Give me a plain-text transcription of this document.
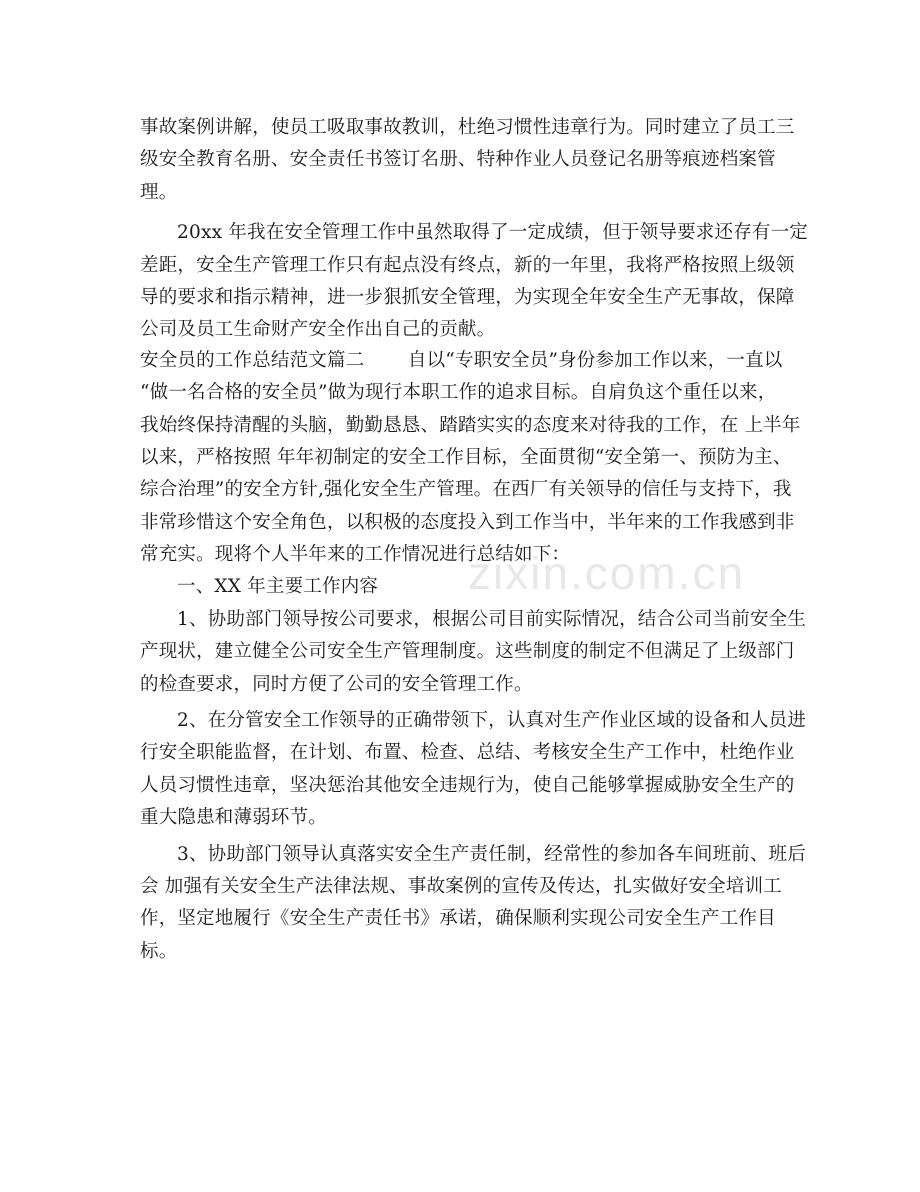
事故案例讲解，使员工吸取事故教训，杜绝习惯性违章行为。同时建立了员工三
级安全教育名册、安全责任书签订名册、特种作业人员登记名册等痕迹档案管
理。
20xx 年我在安全管理工作中虽然取得了一定成绩，但于领导要求还存有一定
差距，安全生产管理工作只有起点没有终点，新的一年里，我将严格按照上级领
导的要求和指示精神，进一步狠抓安全管理，为实现全年安全生产无事故，保障
公司及员工生命财产安全作出自己的贡献。
安全员的工作总结范文篇二　　 自以“专职安全员”身份参加工作以来，一直以
“做一名合格的安全员”做为现行本职工作的追求目标。自肩负这个重任以来，
我始终保持清醒的头脑，勤勤恳恳、踏踏实实的态度来对待我的工作，在 上半年
以来，严格按照 年年初制定的安全工作目标，全面贯彻“安全第一、预防为主、
综合治理”的安全方针,强化安全生产管理。在西厂有关领导的信任与支持下，我
非常珍惜这个安全角色，以积极的态度投入到工作当中，半年来的工作我感到非
常充实。现将个人半年来的工作情况进行总结如下：
一、XX 年主要工作内容
1、协助部门领导按公司要求，根据公司目前实际情况，结合公司当前安全生
产现状，建立健全公司安全生产管理制度。这些制度的制定不但满足了上级部门
的检查要求，同时方便了公司的安全管理工作。
2、在分管安全工作领导的正确带领下，认真对生产作业区域的设备和人员进
行安全职能监督，在计划、布置、检查、总结、考核安全生产工作中，杜绝作业
人员习惯性违章，坚决惩治其他安全违规行为，使自己能够掌握威胁安全生产的
重大隐患和薄弱环节。
3、协助部门领导认真落实安全生产责任制，经常性的参加各车间班前、班后
会 加强有关安全生产法律法规、事故案例的宣传及传达，扎实做好安全培训工
作，坚定地履行《安全生产责任书》承诺，确保顺利实现公司安全生产工作目
标。
zixin.com.cn
